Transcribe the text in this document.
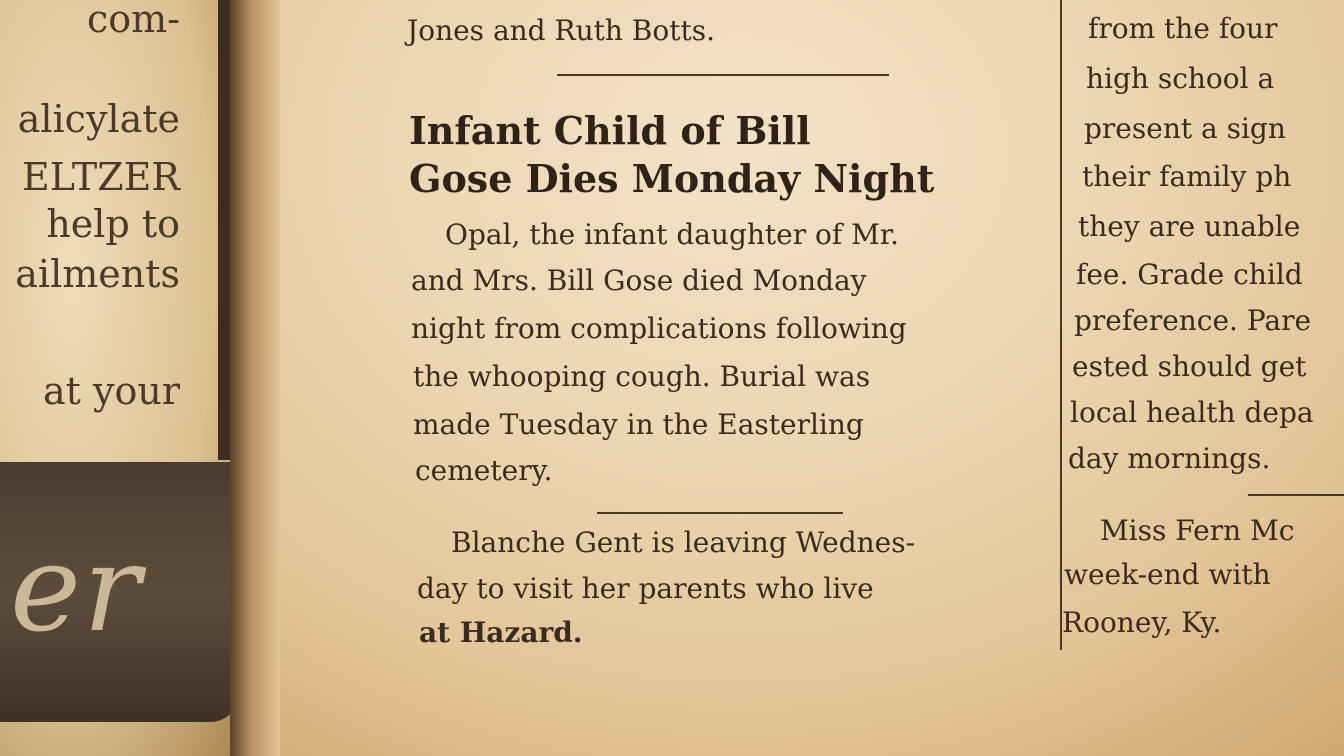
com-

alicylate

ELTZER

help to

ailments

at your

er

Jones and Ruth Botts.

Infant Child of Bill
Gose Dies Monday Night

Opal, the infant daughter of Mr.

and Mrs. Bill Gose died Monday

night from complications following

the whooping cough. Burial was

made Tuesday in the Easterling

cemetery.

Blanche Gent is leaving Wednes-

day to visit her parents who live

at Hazard.

from the four

high school a

present a sign

their family ph

they are unable

fee. Grade child

preference. Pare

ested should get

local health depa

day mornings.

Miss Fern Mc

week-end with

Rooney, Ky.
